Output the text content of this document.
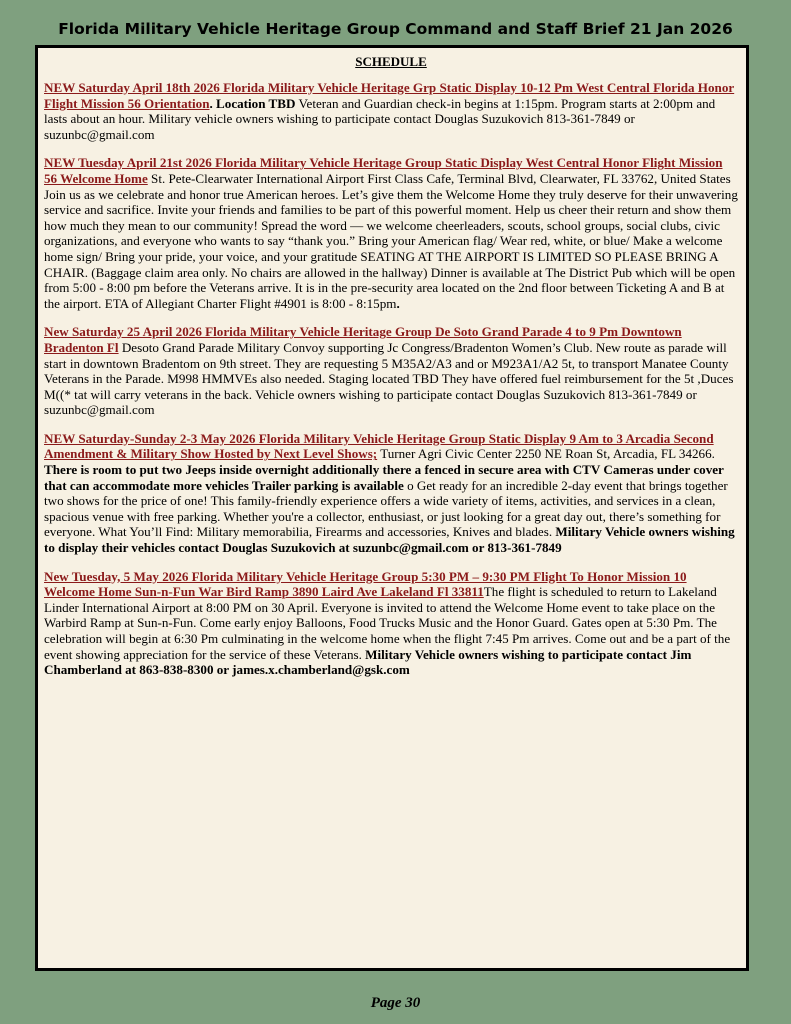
Florida Military Vehicle Heritage Group Command and Staff Brief 21 Jan 2026
SCHEDULE

NEW Saturday April 18th 2026 Florida Military Vehicle Heritage Grp Static Display 10-12 Pm West Central Florida Honor Flight Mission 56 Orientation. Location TBD Veteran and Guardian check-in begins at 1:15pm. Program starts at 2:00pm and lasts about an hour. Military vehicle owners wishing to participate contact Douglas Suzukovich 813-361-7849 or suzunbc@gmail.com

NEW Tuesday April 21st 2026 Florida Military Vehicle Heritage Group Static Display West Central Honor Flight Mission 56 Welcome Home St. Pete-Clearwater International Airport First Class Cafe, Terminal Blvd, Clearwater, FL 33762, United States Join us as we celebrate and honor true American heroes. Let’s give them the Welcome Home they truly deserve for their unwavering service and sacrifice. Invite your friends and families to be part of this powerful moment. Help us cheer their return and show them how much they mean to our community! Spread the word — we welcome cheerleaders, scouts, school groups, social clubs, civic organizations, and everyone who wants to say “thank you.” Bring your American flag/ Wear red, white, or blue/ Make a welcome home sign/ Bring your pride, your voice, and your gratitude SEATING AT THE AIRPORT IS LIMITED SO PLEASE BRING A CHAIR. (Baggage claim area only. No chairs are allowed in the hallway) Dinner is available at The District Pub which will be open from 5:00 - 8:00 pm before the Veterans arrive. It is in the pre-security area located on the 2nd floor between Ticketing A and B at the airport. ETA of Allegiant Charter Flight #4901 is 8:00 - 8:15pm.

New Saturday 25 April 2026 Florida Military Vehicle Heritage Group De Soto Grand Parade 4 to 9 Pm Downtown Bradenton Fl Desoto Grand Parade Military Convoy supporting Jc Congress/Bradenton Women’s Club. New route as parade will start in downtown Bradentom on 9th street. They are requesting 5 M35A2/A3 and or M923A1/A2 5t, to transport Manatee County Veterans in the Parade. M998 HMMVEs also needed. Staging located TBD They have offered fuel reimbursement for the 5t ,Duces M((* tat will carry veterans in the back. Vehicle owners wishing to participate contact Douglas Suzukovich 813-361-7849 or suzunbc@gmail.com

NEW Saturday-Sunday 2-3 May 2026 Florida Military Vehicle Heritage Group Static Display 9 Am to 3 Arcadia Second Amendment & Military Show Hosted by Next Level Shows; Turner Agri Civic Center 2250 NE Roan St, Arcadia, FL 34266. There is room to put two Jeeps inside overnight additionally there a fenced in secure area with CTV Cameras under cover that can accommodate more vehicles Trailer parking is available o Get ready for an incredible 2-day event that brings together two shows for the price of one! This family-friendly experience offers a wide variety of items, activities, and services in a clean, spacious venue with free parking. Whether you're a collector, enthusiast, or just looking for a great day out, there’s something for everyone. What You’ll Find: Military memorabilia, Firearms and accessories, Knives and blades. Military Vehicle owners wishing to display their vehicles contact Douglas Suzukovich at suzunbc@gmail.com or 813-361-7849

New Tuesday, 5 May 2026 Florida Military Vehicle Heritage Group 5:30 PM – 9:30 PM Flight To Honor Mission 10 Welcome Home Sun-n-Fun War Bird Ramp 3890 Laird Ave Lakeland Fl 33811The flight is scheduled to return to Lakeland Linder International Airport at 8:00 PM on 30 April. Everyone is invited to attend the Welcome Home event to take place on the Warbird Ramp at Sun-n-Fun. Come early enjoy Balloons, Food Trucks Music and the Honor Guard. Gates open at 5:30 Pm. The celebration will begin at 6:30 Pm culminating in the welcome home when the flight 7:45 Pm arrives. Come out and be a part of the event showing appreciation for the service of these Veterans. Military Vehicle owners wishing to participate contact Jim Chamberland at 863-838-8300 or james.x.chamberland@gsk.com

Page 30
